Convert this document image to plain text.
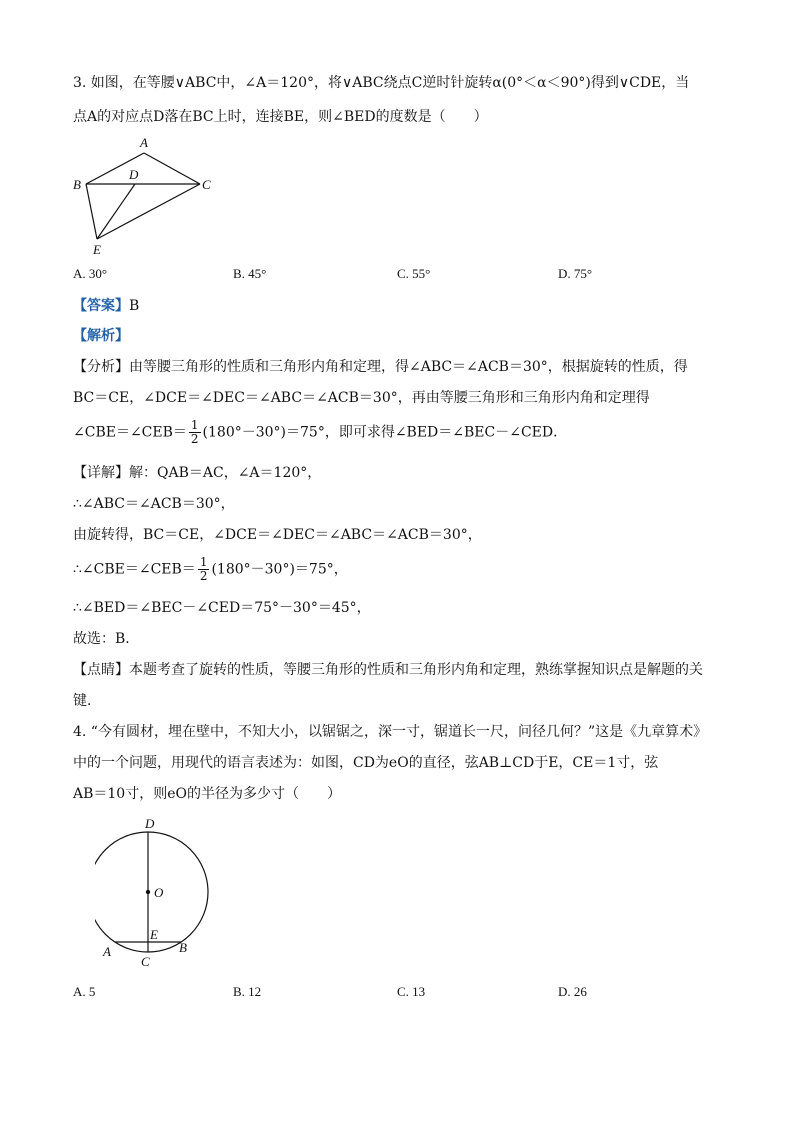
3. 如图，在等腰∨ABC中，∠A＝120°，将∨ABC绕点C逆时针旋转α(0°＜α＜90°)得到∨CDE，当
点A的对应点D落在BC上时，连接BE，则∠BED的度数是（　　）
A
B
D
C
E
A. 30°	B. 45°	C. 55°	D. 75°
【答案】B
【解析】
【分析】由等腰三角形的性质和三角形内角和定理，得∠ABC＝∠ACB＝30°，根据旋转的性质，得
BC＝CE，∠DCE＝∠DEC＝∠ABC＝∠ACB＝30°，再由等腰三角形和三角形内角和定理得
∠CBE＝∠CEB＝ $\frac{1}{2} (180^\circ-30^\circ)=75^\circ$，即可求得∠BED＝∠BEC－∠CED．
【详解】解：QAB＝AC，∠A＝120°，
∴∠ABC＝∠ACB＝30°，
由旋转得，BC＝CE，∠DCE＝∠DEC＝∠ABC＝∠ACB＝30°，
∴∠CBE＝∠CEB＝ $\frac{1}{2} (180^\circ-30^\circ)=75^\circ$，
∴∠BED＝∠BEC－∠CED＝75°－30°＝45°，
故选：B．
【点睛】本题考查了旋转的性质，等腰三角形的性质和三角形内角和定理，熟练掌握知识点是解题的关
键．
4. “今有圆材，埋在壁中，不知大小，以锯锯之，深一寸，锯道长一尺，问径几何？”这是《九章算术》
中的一个问题，用现代的语言表述为：如图，CD为eO的直径，弦AB⊥CD于E，CE＝1寸，弦
AB＝10寸，则eO的半径为多少寸（　　）
D
O
E
A	B
C
A. 5	B. 12	C. 13	D. 26
